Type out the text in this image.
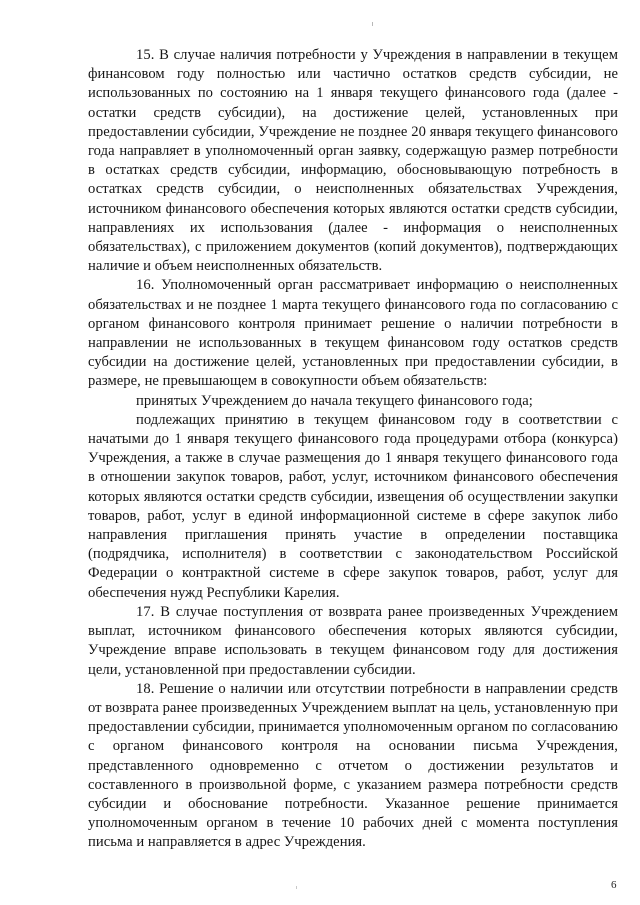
15. В случае наличия потребности у Учреждения в направлении в текущем финансовом году полностью или частично остатков средств субсидии, не использованных по состоянию на 1 января текущего финансового года (далее - остатки средств субсидии), на достижение целей, установленных при предоставлении субсидии, Учреждение не позднее 20 января текущего финансового года направляет в уполномоченный орган заявку, содержащую размер потребности в остатках средств субсидии, информацию, обосновывающую потребность в остатках средств субсидии, о неисполненных обязательствах Учреждения, источником финансового обеспечения которых являются остатки средств субсидии, направлениях их использования (далее - информация о неисполненных обязательствах), с приложением документов (копий документов), подтверждающих наличие и объем неисполненных обязательств.

16. Уполномоченный орган рассматривает информацию о неисполненных обязательствах и не позднее 1 марта текущего финансового года по согласованию с органом финансового контроля принимает решение о наличии потребности в направлении не использованных в текущем финансовом году остатков средств субсидии на достижение целей, установленных при предоставлении субсидии, в размере, не превышающем в совокупности объем обязательств:

принятых Учреждением до начала текущего финансового года;

подлежащих принятию в текущем финансовом году в соответствии с начатыми до 1 января текущего финансового года процедурами отбора (конкурса) Учреждения, а также в случае размещения до 1 января текущего финансового года в отношении закупок товаров, работ, услуг, источником финансового обеспечения которых являются остатки средств субсидии, извещения об осуществлении закупки товаров, работ, услуг в единой информационной системе в сфере закупок либо направления приглашения принять участие в определении поставщика (подрядчика, исполнителя) в соответствии с законодательством Российской Федерации о контрактной системе в сфере закупок товаров, работ, услуг для обеспечения нужд Республики Карелия.

17. В случае поступления от возврата ранее произведенных Учреждением выплат, источником финансового обеспечения которых являются субсидии, Учреждение вправе использовать в текущем финансовом году для достижения цели, установленной при предоставлении субсидии.

18. Решение о наличии или отсутствии потребности в направлении средств от возврата ранее произведенных Учреждением выплат на цель, установленную при предоставлении субсидии, принимается уполномоченным органом по согласованию с органом финансового контроля на основании письма Учреждения, представленного одновременно с отчетом о достижении результатов и составленного в произвольной форме, с указанием размера потребности средств субсидии и обоснование потребности. Указанное решение принимается уполномоченным органом в течение 10 рабочих дней с момента поступления письма и направляется в адрес Учреждения.

6
